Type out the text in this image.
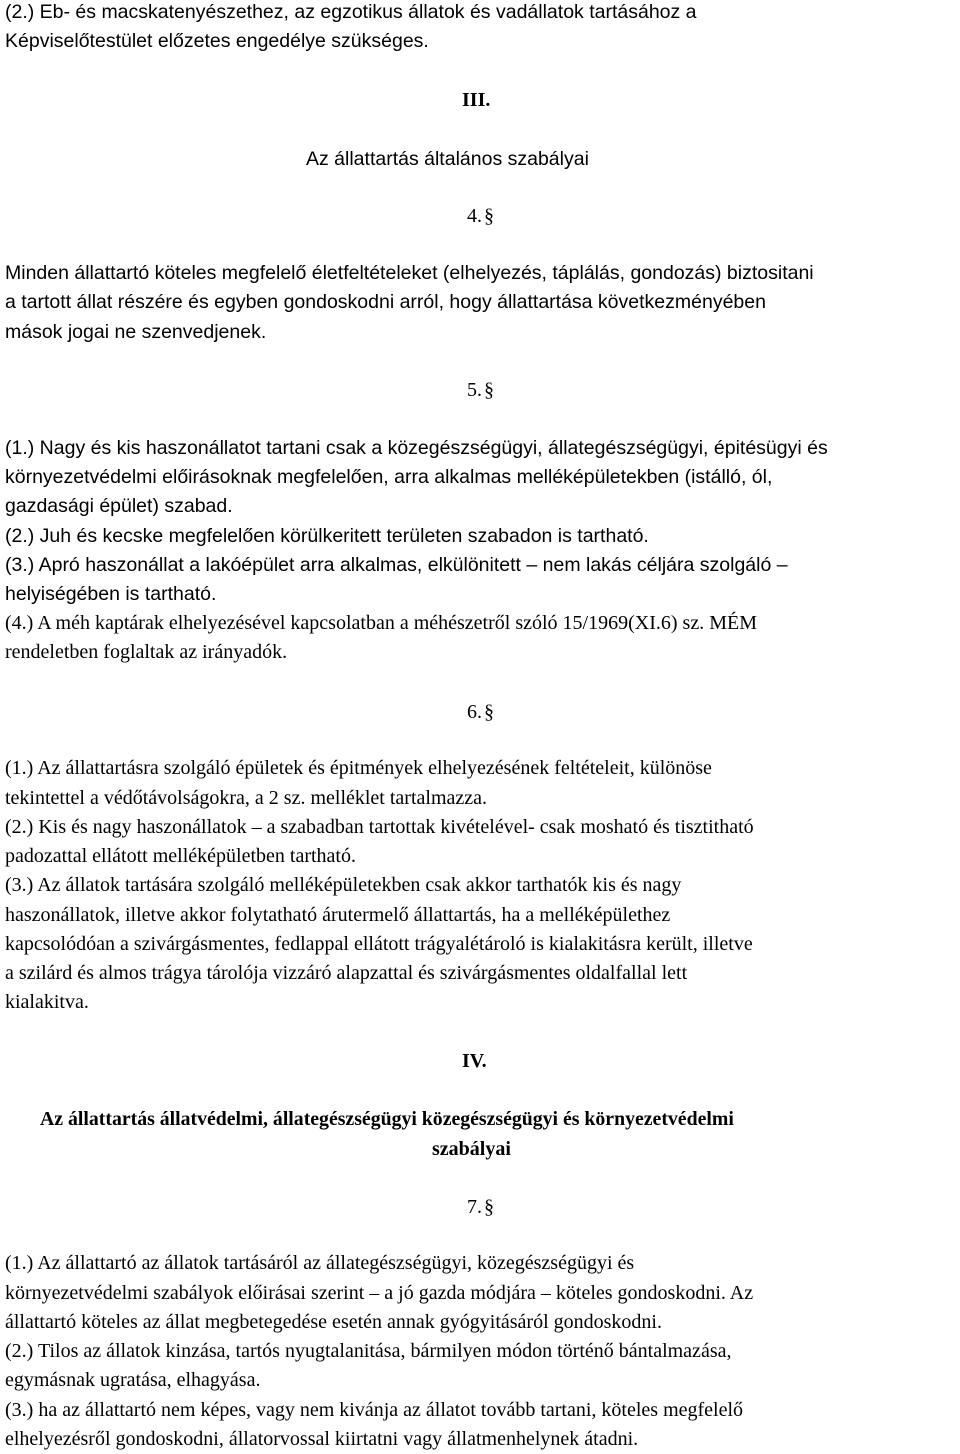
(2.) Eb- és macskatenyészethez, az egzotikus állatok és vadállatok tartásához a
Képviselőtestület előzetes engedélye szükséges.
III.
Az állattartás általános szabályai
4. §
Minden állattartó köteles megfelelő életfeltételeket (elhelyezés, táplálás, gondozás) biztositani
a tartott állat részére és egyben gondoskodni arról, hogy állattartása következményében
mások jogai ne szenvedjenek.
5. §
(1.) Nagy és kis haszonállatot tartani csak a közegészségügyi, állategészségügyi, épitésügyi és
környezetvédelmi előirásoknak megfelelően, arra alkalmas melléképületekben (istálló, ól,
gazdasági épület) szabad.
(2.) Juh és kecske megfelelően körülkeritett területen szabadon is tartható.
(3.) Apró haszonállat a lakóépület arra alkalmas, elkülönitett – nem lakás céljára szolgáló –
helyiségében is tartható.
(4.) A méh kaptárak elhelyezésével kapcsolatban a méhészetről szóló 15/1969(XI.6) sz. MÉM
rendeletben foglaltak az irányadók.
6. §
(1.) Az állattartásra szolgáló épületek és épitmények elhelyezésének feltételeit, különöse
tekintettel a védőtávolságokra, a 2 sz. melléklet tartalmazza.
(2.) Kis és nagy haszonállatok – a szabadban tartottak kivételével- csak mosható és tisztitható
padozattal ellátott melléképületben tartható.
(3.) Az állatok tartására szolgáló melléképületekben csak akkor tarthatók kis és nagy
haszonállatok, illetve akkor folytatható árutermelő állattartás, ha a melléképülethez
kapcsolódóan a szivárgásmentes, fedlappal ellátott trágyalétároló is kialakitásra került, illetve
a szilárd és almos trágya tárolója vizzáró alapzattal és szivárgásmentes oldalfallal lett
kialakitva.
IV.
Az állattartás állatvédelmi, állategészségügyi közegészségügyi és környezetvédelmi
szabályai
7. §
(1.) Az állattartó az állatok tartásáról az állategészségügyi, közegészségügyi és
környezetvédelmi szabályok előirásai szerint – a jó gazda módjára – köteles gondoskodni. Az
állattartó köteles az állat megbetegedése esetén annak gyógyitásáról gondoskodni.
(2.) Tilos az állatok kinzása, tartós nyugtalanitása, bármilyen módon történő bántalmazása,
egymásnak ugratása, elhagyása.
(3.) ha az állattartó nem képes, vagy nem kivánja az állatot tovább tartani, köteles megfelelő
elhelyezésről gondoskodni, állatorvossal kiirtatni vagy állatmenhelynek átadni.
